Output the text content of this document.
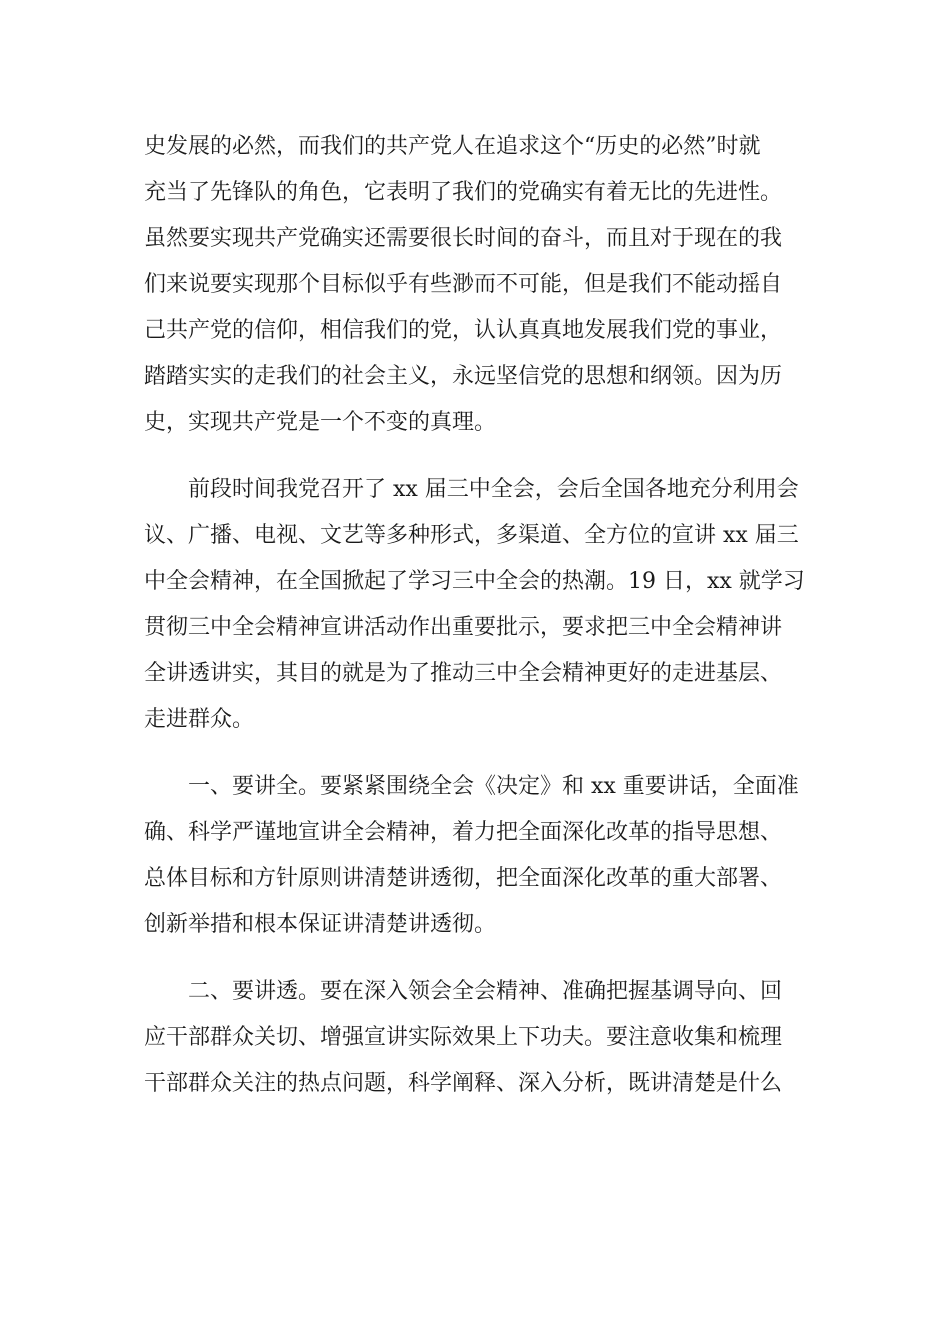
史发展的必然，而我们的共产党人在追求这个“历史的必然”时就
充当了先锋队的角色，它表明了我们的党确实有着无比的先进性。
虽然要实现共产党确实还需要很长时间的奋斗，而且对于现在的我
们来说要实现那个目标似乎有些渺而不可能，但是我们不能动摇自
己共产党的信仰，相信我们的党，认认真真地发展我们党的事业，
踏踏实实的走我们的社会主义，永远坚信党的思想和纲领。因为历
史，实现共产党是一个不变的真理。
　　前段时间我党召开了 xx 届三中全会，会后全国各地充分利用会
议、广播、电视、文艺等多种形式，多渠道、全方位的宣讲 xx 届三
中全会精神，在全国掀起了学习三中全会的热潮。19 日，xx 就学习
贯彻三中全会精神宣讲活动作出重要批示，要求把三中全会精神讲
全讲透讲实，其目的就是为了推动三中全会精神更好的走进基层、
走进群众。
　　一、要讲全。要紧紧围绕全会《决定》和 xx 重要讲话，全面准
确、科学严谨地宣讲全会精神，着力把全面深化改革的指导思想、
总体目标和方针原则讲清楚讲透彻，把全面深化改革的重大部署、
创新举措和根本保证讲清楚讲透彻。
　　二、要讲透。要在深入领会全会精神、准确把握基调导向、回
应干部群众关切、增强宣讲实际效果上下功夫。要注意收集和梳理
干部群众关注的热点问题，科学阐释、深入分析，既讲清楚是什么
